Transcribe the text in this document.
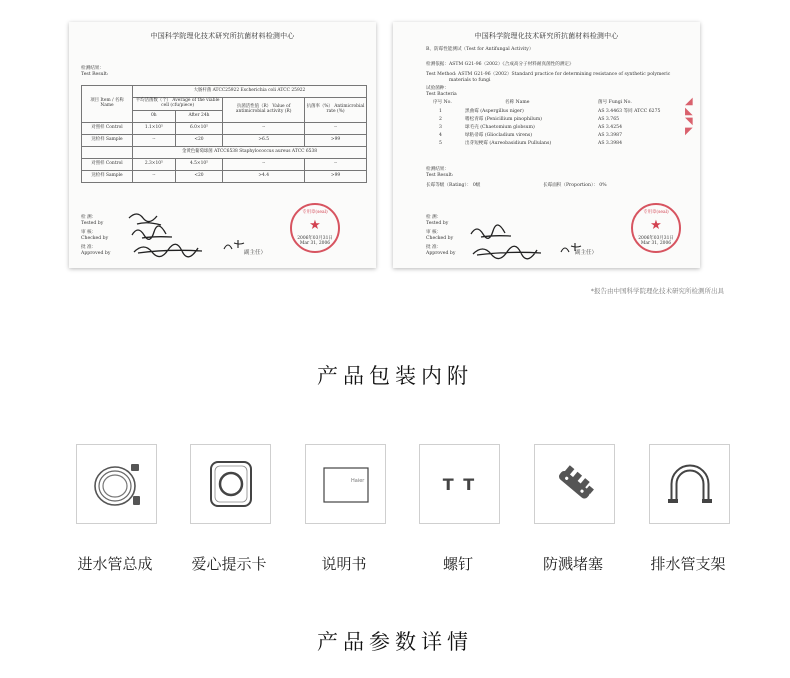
中国科学院理化技术研究所抗菌材料检测中心
检测结果：
Test Result:
项目 Item / 名称 Name	大肠杆菌 ATCC25922 Escherichia coli ATCC 25922			
	平均活菌数（个） Average of the viable cell (cfu/piece)		抗菌活性值（R） Value of antimicrobial activity (R)	抗菌率（%） Antimicrobial rate (%)
	0h	After 24h		
对照样 Control	1.1×10⁵	6.0×10⁵	--	--
送检样 Sample	--	<20	>6.5	>99
	金黄色葡萄球菌 ATCC6538 Staphylococcus aureus ATCC 6538			
对照样 Control	2.3×10⁵	4.5×10⁵	--	--
送检样 Sample	--	<20	>4.4	>99
检 测：
Tested by
审 核：
Checked by
批 准：
Approved by	副主任）
专用章(seal)
★
2006年03月31日
Mar 31, 2006
中国科学院理化技术研究所抗菌材料检测中心
B、防霉性能测试（Test for Antifungal Activity）
检测依据：ASTM G21-96（2002）《合成高分子材料耐真菌性的测定》
Test Method: ASTM G21-96（2002）Standard practice for determining resistance of synthetic polymeric
materials to fungi
试验菌种：
Test Bacteria
序号 No.	名称 Name	菌号 Fungi No.
1	黑曲霉 (Aspergillus niger)	AS 3.4463 等同 ATCC 6275
2	嗜松青霉 (Penicillium pinophilum)	AS 3.765
3	球毛壳 (Chaetomium globsum)	AS 3.4254
4	绿粘帚霉 (Gliocladium virens)	AS 3.3987
5	出芽短梗霉 (Aureobasidium Pullulans)	AS 3.3984
检测结果：
Test Result:
长霉等级（Rating）： 0级	长霉面积（Proportion）： 0%
检 测：
Tested by
审 核：
Checked by
批 准：
Approved by	副主任）
专用章(seal)
★
2006年03月31日
Mar 31, 2006
◢
◣
◥
◤
*报告由中国科学院理化技术研究所检测所出具
产品包装内附
Haier	T T
进水管总成	爱心提示卡	说明书	螺钉	防溅堵塞	排水管支架
产品参数详情
